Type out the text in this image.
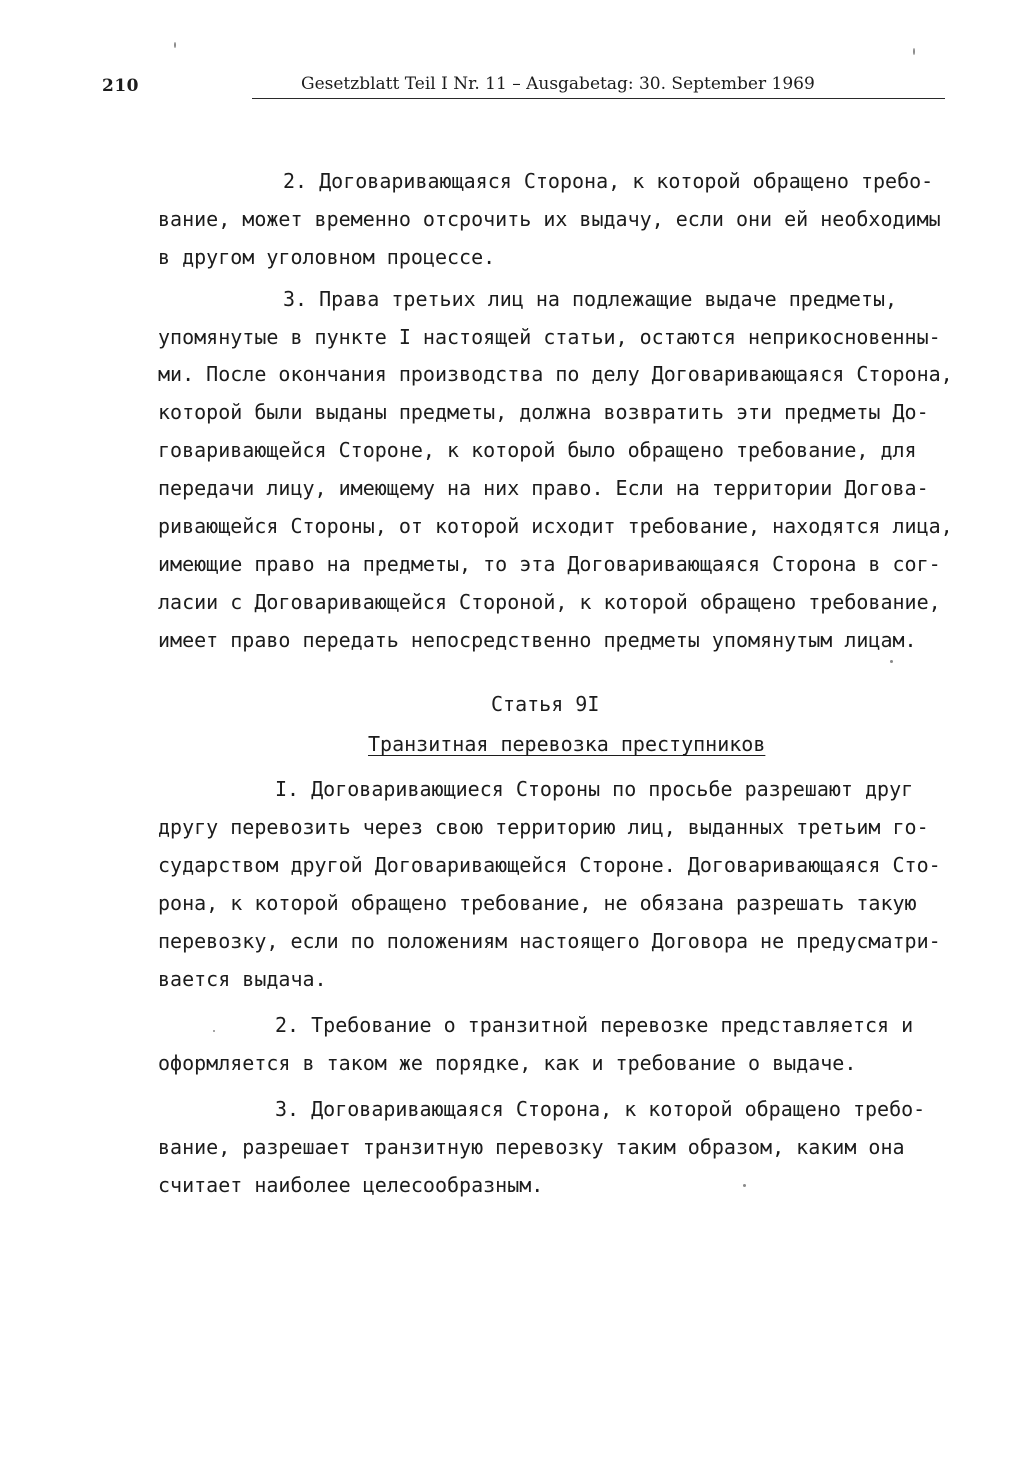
210	Gesetzblatt Teil I Nr. 11 – Ausgabetag: 30. September 1969
2. Договаривающаяся Сторона, к которой обращено требо-
вание, может временно отсрочить их выдачу, если они ей необходимы
в другом уголовном процессе.
3. Права третьих лиц на подлежащие выдаче предметы,
упомянутые в пункте I настоящей статьи, остаются неприкосновенны-
ми. После окончания производства по делу Договаривающаяся Сторона,
которой были выданы предметы, должна возвратить эти предметы До-
говаривающейся Стороне, к которой было обращено требование, для
передачи лицу, имеющему на них право. Если на территории Догова-
ривающейся Стороны, от которой исходит требование, находятся лица,
имеющие право на предметы, то эта Договаривающаяся Сторона в сог-
ласии с Договаривающейся Стороной, к которой обращено требование,
имеет право передать непосредственно предметы упомянутым лицам.
Статья 9I
Транзитная перевозка преступников
I. Договаривающиеся Стороны по просьбе разрешают друг
другу перевозить через свою территорию лиц, выданных третьим го-
сударством другой Договаривающейся Стороне. Договаривающаяся Сто-
рона, к которой обращено требование, не обязана разрешать такую
перевозку, если по положениям настоящего Договора не предусматри-
вается выдача.
2. Требование о транзитной перевозке представляется и
оформляется в таком же порядке, как и требование о выдаче.
3. Договаривающаяся Сторона, к которой обращено требо-
вание, разрешает транзитную перевозку таким образом, каким она
считает наиболее целесообразным.
